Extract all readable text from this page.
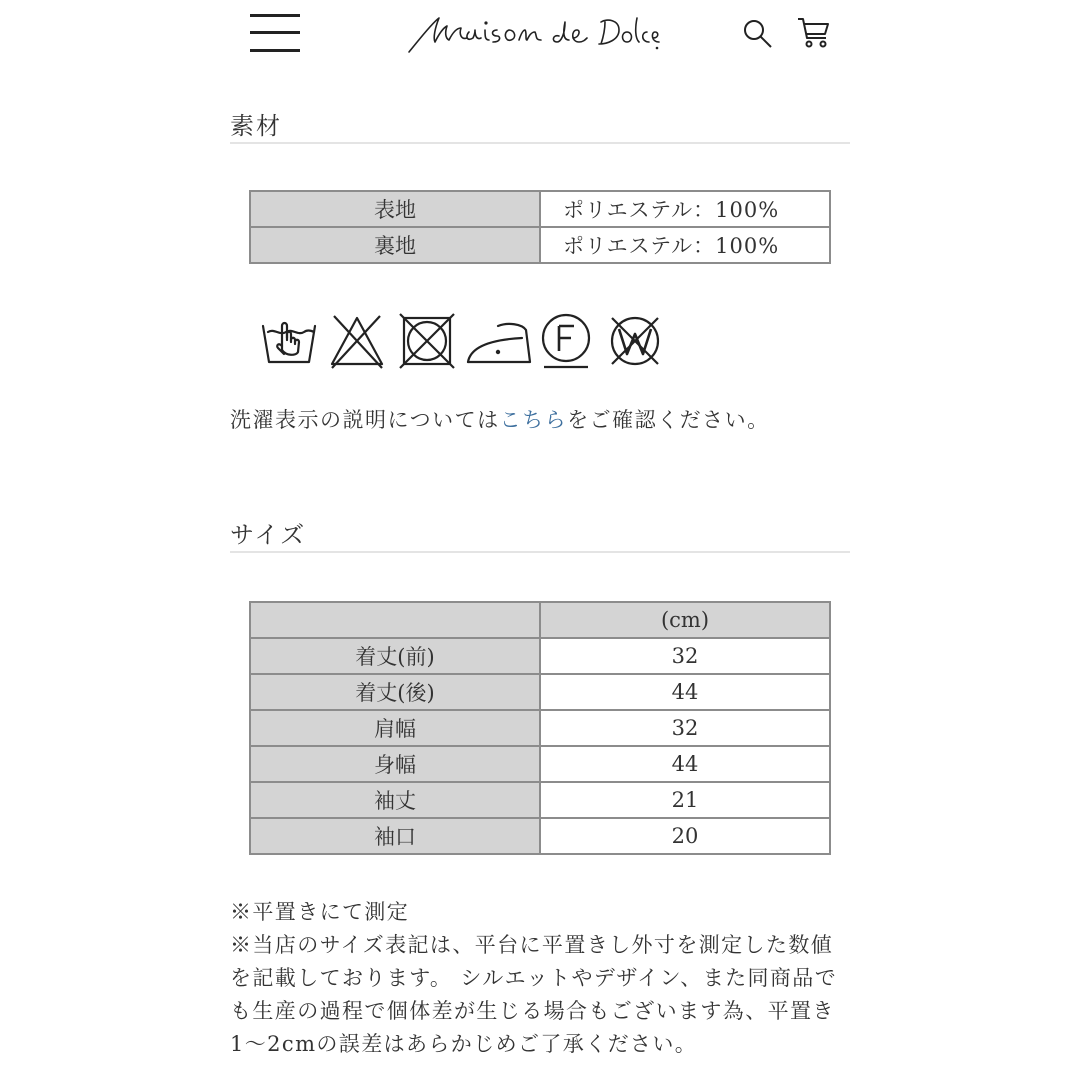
素材
表地	ポリエステル：100%
裏地	ポリエステル：100%
洗濯表示の説明についてはこちらをご確認ください。
サイズ
	(cm)
着丈(前)	32
着丈(後)	44
肩幅	32
身幅	44
袖丈	21
袖口	20

※平置きにて測定

※当店のサイズ表記は、平台に平置きし外寸を測定した数値を記載しております。 シルエットやデザイン、また同商品でも生産の過程で個体差が生じる場合もございます為、平置き1〜2cmの誤差はあらかじめご了承ください。
